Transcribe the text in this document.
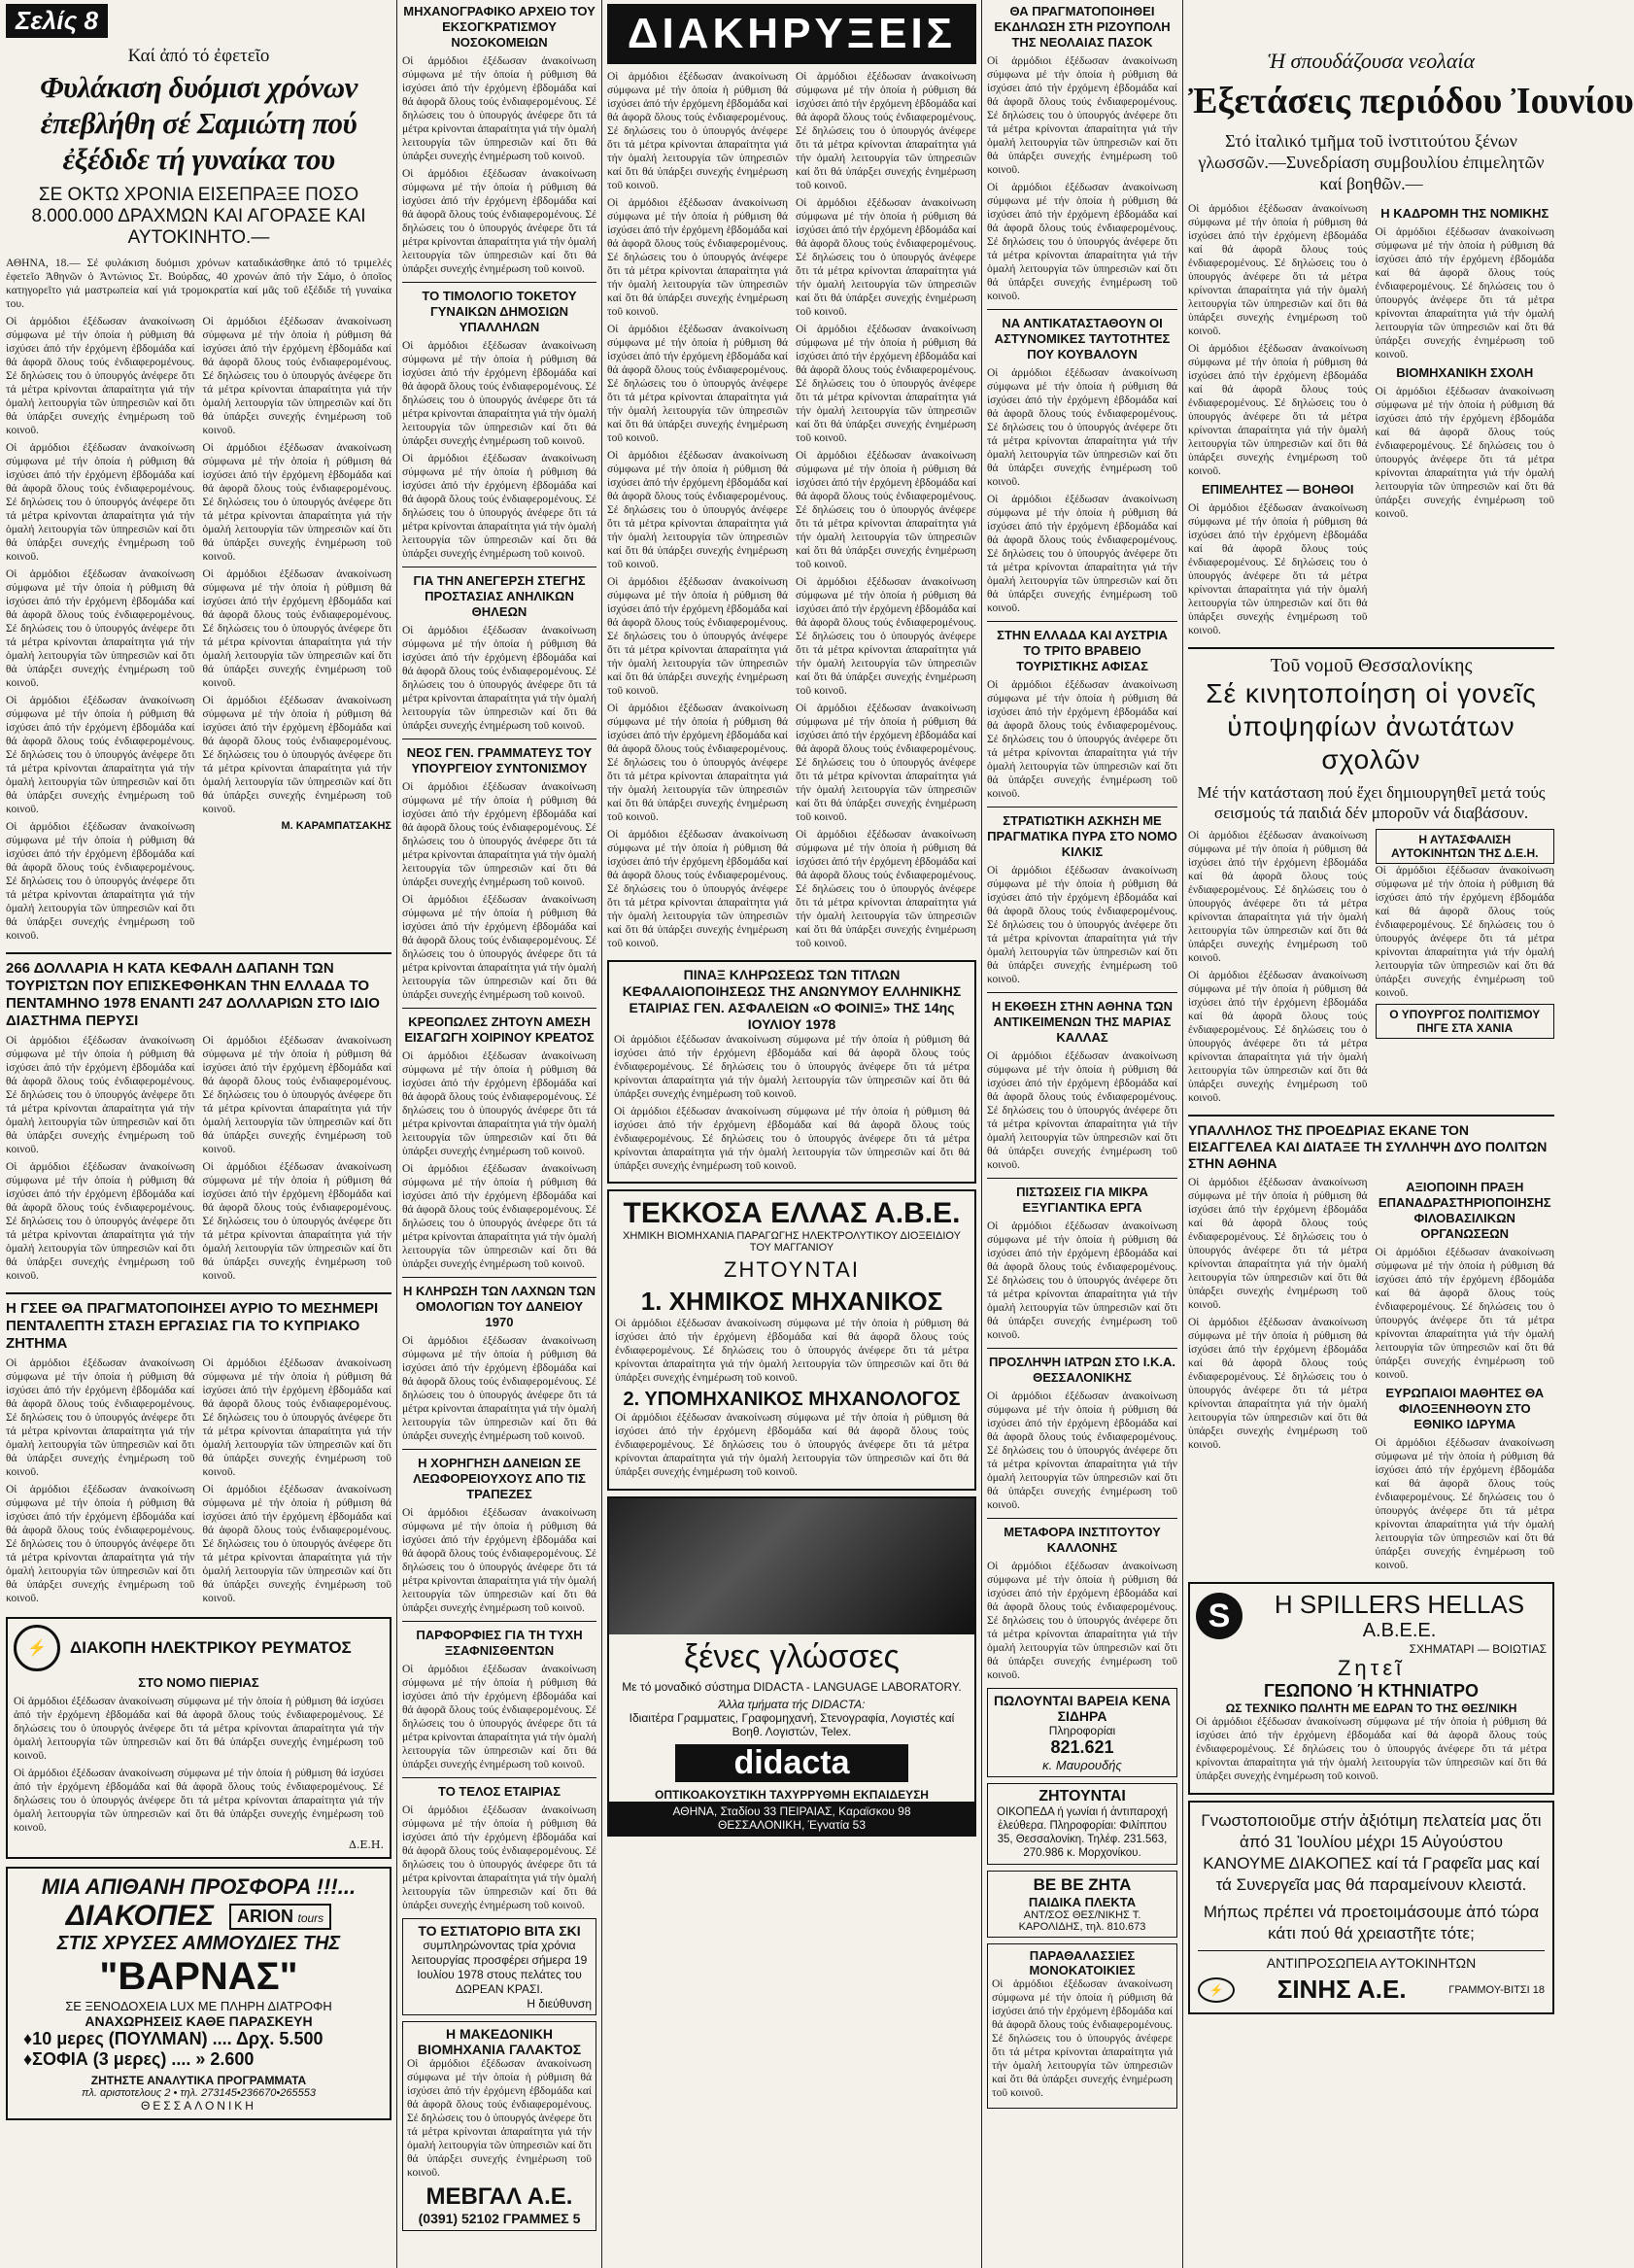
Σελίς 8
Καί ἀπό τό ἐφετεῖο
Φυλάκιση δυόμισι χρόνων ἐπεβλήθη σέ Σαμιώτη πού ἐξέδιδε τή γυναίκα του
ΣΕ ΟΚΤΩ ΧΡΟΝΙΑ ΕΙΣΕΠΡΑΞΕ ΠΟΣΟ 8.000.000 ΔΡΑΧΜΩΝ ΚΑΙ ΑΓΟΡΑΣΕ ΚΑΙ ΑΥΤΟΚΙΝΗΤΟ.—

ΑΘΗΝΑ, 18.— Σέ φυλάκιση δυόμισι χρόνων καταδικάσθηκε ἀπό τό τριμελές ἐφετεῖο Ἀθηνῶν ὁ Ἀντώνιος Στ. Βούρδας, 40 χρονών ἀπό τήν Σάμο, ὁ ὁποῖος κατηγορεῖτο γιά μαστρωπεία καί γιά τρομοκρατία καί μᾶς τοῦ ἐξέδιδε τή γυναίκα του.

Οἱ ἀρμόδιοι ἐξέδωσαν ἀνακοίνωση σύμφωνα μέ τήν ὁποία ἡ ρύθμιση θά ἰσχύσει ἀπό τήν ἐρχόμενη ἑβδομάδα καί θά ἀφορᾶ ὅλους τούς ἐνδιαφερομένους. Σέ δηλώσεις του ὁ ὑπουργός ἀνέφερε ὅτι τά μέτρα κρίνονται ἀπαραίτητα γιά τήν ὁμαλή λειτουργία τῶν ὑπηρεσιῶν καί ὅτι θά ὑπάρξει συνεχής ἐνημέρωση τοῦ κοινοῦ.

Οἱ ἀρμόδιοι ἐξέδωσαν ἀνακοίνωση σύμφωνα μέ τήν ὁποία ἡ ρύθμιση θά ἰσχύσει ἀπό τήν ἐρχόμενη ἑβδομάδα καί θά ἀφορᾶ ὅλους τούς ἐνδιαφερομένους. Σέ δηλώσεις του ὁ ὑπουργός ἀνέφερε ὅτι τά μέτρα κρίνονται ἀπαραίτητα γιά τήν ὁμαλή λειτουργία τῶν ὑπηρεσιῶν καί ὅτι θά ὑπάρξει συνεχής ἐνημέρωση τοῦ κοινοῦ.

Οἱ ἀρμόδιοι ἐξέδωσαν ἀνακοίνωση σύμφωνα μέ τήν ὁποία ἡ ρύθμιση θά ἰσχύσει ἀπό τήν ἐρχόμενη ἑβδομάδα καί θά ἀφορᾶ ὅλους τούς ἐνδιαφερομένους. Σέ δηλώσεις του ὁ ὑπουργός ἀνέφερε ὅτι τά μέτρα κρίνονται ἀπαραίτητα γιά τήν ὁμαλή λειτουργία τῶν ὑπηρεσιῶν καί ὅτι θά ὑπάρξει συνεχής ἐνημέρωση τοῦ κοινοῦ.

Οἱ ἀρμόδιοι ἐξέδωσαν ἀνακοίνωση σύμφωνα μέ τήν ὁποία ἡ ρύθμιση θά ἰσχύσει ἀπό τήν ἐρχόμενη ἑβδομάδα καί θά ἀφορᾶ ὅλους τούς ἐνδιαφερομένους. Σέ δηλώσεις του ὁ ὑπουργός ἀνέφερε ὅτι τά μέτρα κρίνονται ἀπαραίτητα γιά τήν ὁμαλή λειτουργία τῶν ὑπηρεσιῶν καί ὅτι θά ὑπάρξει συνεχής ἐνημέρωση τοῦ κοινοῦ.

Οἱ ἀρμόδιοι ἐξέδωσαν ἀνακοίνωση σύμφωνα μέ τήν ὁποία ἡ ρύθμιση θά ἰσχύσει ἀπό τήν ἐρχόμενη ἑβδομάδα καί θά ἀφορᾶ ὅλους τούς ἐνδιαφερομένους. Σέ δηλώσεις του ὁ ὑπουργός ἀνέφερε ὅτι τά μέτρα κρίνονται ἀπαραίτητα γιά τήν ὁμαλή λειτουργία τῶν ὑπηρεσιῶν καί ὅτι θά ὑπάρξει συνεχής ἐνημέρωση τοῦ κοινοῦ.

Οἱ ἀρμόδιοι ἐξέδωσαν ἀνακοίνωση σύμφωνα μέ τήν ὁποία ἡ ρύθμιση θά ἰσχύσει ἀπό τήν ἐρχόμενη ἑβδομάδα καί θά ἀφορᾶ ὅλους τούς ἐνδιαφερομένους. Σέ δηλώσεις του ὁ ὑπουργός ἀνέφερε ὅτι τά μέτρα κρίνονται ἀπαραίτητα γιά τήν ὁμαλή λειτουργία τῶν ὑπηρεσιῶν καί ὅτι θά ὑπάρξει συνεχής ἐνημέρωση τοῦ κοινοῦ.

Οἱ ἀρμόδιοι ἐξέδωσαν ἀνακοίνωση σύμφωνα μέ τήν ὁποία ἡ ρύθμιση θά ἰσχύσει ἀπό τήν ἐρχόμενη ἑβδομάδα καί θά ἀφορᾶ ὅλους τούς ἐνδιαφερομένους. Σέ δηλώσεις του ὁ ὑπουργός ἀνέφερε ὅτι τά μέτρα κρίνονται ἀπαραίτητα γιά τήν ὁμαλή λειτουργία τῶν ὑπηρεσιῶν καί ὅτι θά ὑπάρξει συνεχής ἐνημέρωση τοῦ κοινοῦ.

Οἱ ἀρμόδιοι ἐξέδωσαν ἀνακοίνωση σύμφωνα μέ τήν ὁποία ἡ ρύθμιση θά ἰσχύσει ἀπό τήν ἐρχόμενη ἑβδομάδα καί θά ἀφορᾶ ὅλους τούς ἐνδιαφερομένους. Σέ δηλώσεις του ὁ ὑπουργός ἀνέφερε ὅτι τά μέτρα κρίνονται ἀπαραίτητα γιά τήν ὁμαλή λειτουργία τῶν ὑπηρεσιῶν καί ὅτι θά ὑπάρξει συνεχής ἐνημέρωση τοῦ κοινοῦ.

Οἱ ἀρμόδιοι ἐξέδωσαν ἀνακοίνωση σύμφωνα μέ τήν ὁποία ἡ ρύθμιση θά ἰσχύσει ἀπό τήν ἐρχόμενη ἑβδομάδα καί θά ἀφορᾶ ὅλους τούς ἐνδιαφερομένους. Σέ δηλώσεις του ὁ ὑπουργός ἀνέφερε ὅτι τά μέτρα κρίνονται ἀπαραίτητα γιά τήν ὁμαλή λειτουργία τῶν ὑπηρεσιῶν καί ὅτι θά ὑπάρξει συνεχής ἐνημέρωση τοῦ κοινοῦ.

Μ. ΚΑΡΑΜΠΑΤΣΑΚΗΣ
266 ΔΟΛΛΑΡΙΑ Η ΚΑΤΑ ΚΕΦΑΛΗ ΔΑΠΑΝΗ ΤΩΝ ΤΟΥΡΙΣΤΩΝ ΠΟΥ ΕΠΙΣΚΕΦΘΗΚΑΝ ΤΗΝ ΕΛΛΑΔΑ ΤΟ ΠΕΝΤΑΜΗΝΟ 1978 ΕΝΑΝΤΙ 247 ΔΟΛΛΑΡΙΩΝ ΣΤΟ ΙΔΙΟ ΔΙΑΣΤΗΜΑ ΠΕΡΥΣΙ

Οἱ ἀρμόδιοι ἐξέδωσαν ἀνακοίνωση σύμφωνα μέ τήν ὁποία ἡ ρύθμιση θά ἰσχύσει ἀπό τήν ἐρχόμενη ἑβδομάδα καί θά ἀφορᾶ ὅλους τούς ἐνδιαφερομένους. Σέ δηλώσεις του ὁ ὑπουργός ἀνέφερε ὅτι τά μέτρα κρίνονται ἀπαραίτητα γιά τήν ὁμαλή λειτουργία τῶν ὑπηρεσιῶν καί ὅτι θά ὑπάρξει συνεχής ἐνημέρωση τοῦ κοινοῦ.

Οἱ ἀρμόδιοι ἐξέδωσαν ἀνακοίνωση σύμφωνα μέ τήν ὁποία ἡ ρύθμιση θά ἰσχύσει ἀπό τήν ἐρχόμενη ἑβδομάδα καί θά ἀφορᾶ ὅλους τούς ἐνδιαφερομένους. Σέ δηλώσεις του ὁ ὑπουργός ἀνέφερε ὅτι τά μέτρα κρίνονται ἀπαραίτητα γιά τήν ὁμαλή λειτουργία τῶν ὑπηρεσιῶν καί ὅτι θά ὑπάρξει συνεχής ἐνημέρωση τοῦ κοινοῦ.

Οἱ ἀρμόδιοι ἐξέδωσαν ἀνακοίνωση σύμφωνα μέ τήν ὁποία ἡ ρύθμιση θά ἰσχύσει ἀπό τήν ἐρχόμενη ἑβδομάδα καί θά ἀφορᾶ ὅλους τούς ἐνδιαφερομένους. Σέ δηλώσεις του ὁ ὑπουργός ἀνέφερε ὅτι τά μέτρα κρίνονται ἀπαραίτητα γιά τήν ὁμαλή λειτουργία τῶν ὑπηρεσιῶν καί ὅτι θά ὑπάρξει συνεχής ἐνημέρωση τοῦ κοινοῦ.

Οἱ ἀρμόδιοι ἐξέδωσαν ἀνακοίνωση σύμφωνα μέ τήν ὁποία ἡ ρύθμιση θά ἰσχύσει ἀπό τήν ἐρχόμενη ἑβδομάδα καί θά ἀφορᾶ ὅλους τούς ἐνδιαφερομένους. Σέ δηλώσεις του ὁ ὑπουργός ἀνέφερε ὅτι τά μέτρα κρίνονται ἀπαραίτητα γιά τήν ὁμαλή λειτουργία τῶν ὑπηρεσιῶν καί ὅτι θά ὑπάρξει συνεχής ἐνημέρωση τοῦ κοινοῦ.

Η ΓΣΕΕ ΘΑ ΠΡΑΓΜΑΤΟΠΟΙΗΣΕΙ ΑΥΡΙΟ ΤΟ ΜΕΣΗΜΕΡΙ ΠΕΝΤΑΛΕΠΤΗ ΣΤΑΣΗ ΕΡΓΑΣΙΑΣ ΓΙΑ ΤΟ ΚΥΠΡΙΑΚΟ ΖΗΤΗΜΑ

Οἱ ἀρμόδιοι ἐξέδωσαν ἀνακοίνωση σύμφωνα μέ τήν ὁποία ἡ ρύθμιση θά ἰσχύσει ἀπό τήν ἐρχόμενη ἑβδομάδα καί θά ἀφορᾶ ὅλους τούς ἐνδιαφερομένους. Σέ δηλώσεις του ὁ ὑπουργός ἀνέφερε ὅτι τά μέτρα κρίνονται ἀπαραίτητα γιά τήν ὁμαλή λειτουργία τῶν ὑπηρεσιῶν καί ὅτι θά ὑπάρξει συνεχής ἐνημέρωση τοῦ κοινοῦ.

Οἱ ἀρμόδιοι ἐξέδωσαν ἀνακοίνωση σύμφωνα μέ τήν ὁποία ἡ ρύθμιση θά ἰσχύσει ἀπό τήν ἐρχόμενη ἑβδομάδα καί θά ἀφορᾶ ὅλους τούς ἐνδιαφερομένους. Σέ δηλώσεις του ὁ ὑπουργός ἀνέφερε ὅτι τά μέτρα κρίνονται ἀπαραίτητα γιά τήν ὁμαλή λειτουργία τῶν ὑπηρεσιῶν καί ὅτι θά ὑπάρξει συνεχής ἐνημέρωση τοῦ κοινοῦ.

Οἱ ἀρμόδιοι ἐξέδωσαν ἀνακοίνωση σύμφωνα μέ τήν ὁποία ἡ ρύθμιση θά ἰσχύσει ἀπό τήν ἐρχόμενη ἑβδομάδα καί θά ἀφορᾶ ὅλους τούς ἐνδιαφερομένους. Σέ δηλώσεις του ὁ ὑπουργός ἀνέφερε ὅτι τά μέτρα κρίνονται ἀπαραίτητα γιά τήν ὁμαλή λειτουργία τῶν ὑπηρεσιῶν καί ὅτι θά ὑπάρξει συνεχής ἐνημέρωση τοῦ κοινοῦ.

Οἱ ἀρμόδιοι ἐξέδωσαν ἀνακοίνωση σύμφωνα μέ τήν ὁποία ἡ ρύθμιση θά ἰσχύσει ἀπό τήν ἐρχόμενη ἑβδομάδα καί θά ἀφορᾶ ὅλους τούς ἐνδιαφερομένους. Σέ δηλώσεις του ὁ ὑπουργός ἀνέφερε ὅτι τά μέτρα κρίνονται ἀπαραίτητα γιά τήν ὁμαλή λειτουργία τῶν ὑπηρεσιῶν καί ὅτι θά ὑπάρξει συνεχής ἐνημέρωση τοῦ κοινοῦ.

⚡	ΔΙΑΚΟΠΗ ΗΛΕΚΤΡΙΚΟΥ ΡΕΥΜΑΤΟΣ
ΣΤΟ ΝΟΜΟ ΠΙΕΡΙΑΣ

Οἱ ἀρμόδιοι ἐξέδωσαν ἀνακοίνωση σύμφωνα μέ τήν ὁποία ἡ ρύθμιση θά ἰσχύσει ἀπό τήν ἐρχόμενη ἑβδομάδα καί θά ἀφορᾶ ὅλους τούς ἐνδιαφερομένους. Σέ δηλώσεις του ὁ ὑπουργός ἀνέφερε ὅτι τά μέτρα κρίνονται ἀπαραίτητα γιά τήν ὁμαλή λειτουργία τῶν ὑπηρεσιῶν καί ὅτι θά ὑπάρξει συνεχής ἐνημέρωση τοῦ κοινοῦ.

Οἱ ἀρμόδιοι ἐξέδωσαν ἀνακοίνωση σύμφωνα μέ τήν ὁποία ἡ ρύθμιση θά ἰσχύσει ἀπό τήν ἐρχόμενη ἑβδομάδα καί θά ἀφορᾶ ὅλους τούς ἐνδιαφερομένους. Σέ δηλώσεις του ὁ ὑπουργός ἀνέφερε ὅτι τά μέτρα κρίνονται ἀπαραίτητα γιά τήν ὁμαλή λειτουργία τῶν ὑπηρεσιῶν καί ὅτι θά ὑπάρξει συνεχής ἐνημέρωση τοῦ κοινοῦ.

Δ.Ε.Η.
ΜΙΑ ΑΠΙΘΑΝΗ ΠΡΟΣΦΟΡΑ !!!...
ΔΙΑΚΟΠΕΣ	ARION tours
ΣΤΙΣ ΧΡΥΣΕΣ ΑΜΜΟΥΔΙΕΣ ΤΗΣ
"ΒΑΡΝΑΣ"
ΣΕ ΞΕΝΟΔΟΧΕΙΑ LUX ΜΕ ΠΛΗΡΗ ΔΙΑΤΡΟΦΗ
ΑΝΑΧΩΡΗΣΕΙΣ ΚΑΘΕ ΠΑΡΑΣΚΕΥΗ
♦10 μερες (ΠΟΥΛΜΑΝ) .... Δρχ. 5.500
♦ΣΟΦΙΑ (3 μερες) .... » 2.600
ΖΗΤΗΣΤΕ ΑΝΑΛΥΤΙΚΑ ΠΡΟΓΡΑΜΜΑΤΑ
πλ. αριστοτελους 2 • τηλ. 273145•236670•265553
ΘΕΣΣΑΛΟΝΙΚΗ
ΜΗΧΑΝΟΓΡΑΦΙΚΟ ΑΡΧΕΙΟ ΤΟΥ ΕΚΣΟΓΚΡΑΤΙΣΜΟΥ ΝΟΣΟΚΟΜΕΙΩΝ

Οἱ ἀρμόδιοι ἐξέδωσαν ἀνακοίνωση σύμφωνα μέ τήν ὁποία ἡ ρύθμιση θά ἰσχύσει ἀπό τήν ἐρχόμενη ἑβδομάδα καί θά ἀφορᾶ ὅλους τούς ἐνδιαφερομένους. Σέ δηλώσεις του ὁ ὑπουργός ἀνέφερε ὅτι τά μέτρα κρίνονται ἀπαραίτητα γιά τήν ὁμαλή λειτουργία τῶν ὑπηρεσιῶν καί ὅτι θά ὑπάρξει συνεχής ἐνημέρωση τοῦ κοινοῦ.

Οἱ ἀρμόδιοι ἐξέδωσαν ἀνακοίνωση σύμφωνα μέ τήν ὁποία ἡ ρύθμιση θά ἰσχύσει ἀπό τήν ἐρχόμενη ἑβδομάδα καί θά ἀφορᾶ ὅλους τούς ἐνδιαφερομένους. Σέ δηλώσεις του ὁ ὑπουργός ἀνέφερε ὅτι τά μέτρα κρίνονται ἀπαραίτητα γιά τήν ὁμαλή λειτουργία τῶν ὑπηρεσιῶν καί ὅτι θά ὑπάρξει συνεχής ἐνημέρωση τοῦ κοινοῦ.

ΤΟ ΤΙΜΟΛΟΓΙΟ ΤΟΚΕΤΟΥ ΓΥΝΑΙΚΩΝ ΔΗΜΟΣΙΩΝ ΥΠΑΛΛΗΛΩΝ

Οἱ ἀρμόδιοι ἐξέδωσαν ἀνακοίνωση σύμφωνα μέ τήν ὁποία ἡ ρύθμιση θά ἰσχύσει ἀπό τήν ἐρχόμενη ἑβδομάδα καί θά ἀφορᾶ ὅλους τούς ἐνδιαφερομένους. Σέ δηλώσεις του ὁ ὑπουργός ἀνέφερε ὅτι τά μέτρα κρίνονται ἀπαραίτητα γιά τήν ὁμαλή λειτουργία τῶν ὑπηρεσιῶν καί ὅτι θά ὑπάρξει συνεχής ἐνημέρωση τοῦ κοινοῦ.

Οἱ ἀρμόδιοι ἐξέδωσαν ἀνακοίνωση σύμφωνα μέ τήν ὁποία ἡ ρύθμιση θά ἰσχύσει ἀπό τήν ἐρχόμενη ἑβδομάδα καί θά ἀφορᾶ ὅλους τούς ἐνδιαφερομένους. Σέ δηλώσεις του ὁ ὑπουργός ἀνέφερε ὅτι τά μέτρα κρίνονται ἀπαραίτητα γιά τήν ὁμαλή λειτουργία τῶν ὑπηρεσιῶν καί ὅτι θά ὑπάρξει συνεχής ἐνημέρωση τοῦ κοινοῦ.

ΓΙΑ ΤΗΝ ΑΝΕΓΕΡΣΗ ΣΤΕΓΗΣ ΠΡΟΣΤΑΣΙΑΣ ΑΝΗΛΙΚΩΝ ΘΗΛΕΩΝ

Οἱ ἀρμόδιοι ἐξέδωσαν ἀνακοίνωση σύμφωνα μέ τήν ὁποία ἡ ρύθμιση θά ἰσχύσει ἀπό τήν ἐρχόμενη ἑβδομάδα καί θά ἀφορᾶ ὅλους τούς ἐνδιαφερομένους. Σέ δηλώσεις του ὁ ὑπουργός ἀνέφερε ὅτι τά μέτρα κρίνονται ἀπαραίτητα γιά τήν ὁμαλή λειτουργία τῶν ὑπηρεσιῶν καί ὅτι θά ὑπάρξει συνεχής ἐνημέρωση τοῦ κοινοῦ.

ΝΕΟΣ ΓΕΝ. ΓΡΑΜΜΑΤΕΥΣ ΤΟΥ ΥΠΟΥΡΓΕΙΟΥ ΣΥΝΤΟΝΙΣΜΟΥ

Οἱ ἀρμόδιοι ἐξέδωσαν ἀνακοίνωση σύμφωνα μέ τήν ὁποία ἡ ρύθμιση θά ἰσχύσει ἀπό τήν ἐρχόμενη ἑβδομάδα καί θά ἀφορᾶ ὅλους τούς ἐνδιαφερομένους. Σέ δηλώσεις του ὁ ὑπουργός ἀνέφερε ὅτι τά μέτρα κρίνονται ἀπαραίτητα γιά τήν ὁμαλή λειτουργία τῶν ὑπηρεσιῶν καί ὅτι θά ὑπάρξει συνεχής ἐνημέρωση τοῦ κοινοῦ.

Οἱ ἀρμόδιοι ἐξέδωσαν ἀνακοίνωση σύμφωνα μέ τήν ὁποία ἡ ρύθμιση θά ἰσχύσει ἀπό τήν ἐρχόμενη ἑβδομάδα καί θά ἀφορᾶ ὅλους τούς ἐνδιαφερομένους. Σέ δηλώσεις του ὁ ὑπουργός ἀνέφερε ὅτι τά μέτρα κρίνονται ἀπαραίτητα γιά τήν ὁμαλή λειτουργία τῶν ὑπηρεσιῶν καί ὅτι θά ὑπάρξει συνεχής ἐνημέρωση τοῦ κοινοῦ.

ΚΡΕΟΠΩΛΕΣ ΖΗΤΟΥΝ ΑΜΕΣΗ ΕΙΣΑΓΩΓΗ ΧΟΙΡΙΝΟΥ ΚΡΕΑΤΟΣ

Οἱ ἀρμόδιοι ἐξέδωσαν ἀνακοίνωση σύμφωνα μέ τήν ὁποία ἡ ρύθμιση θά ἰσχύσει ἀπό τήν ἐρχόμενη ἑβδομάδα καί θά ἀφορᾶ ὅλους τούς ἐνδιαφερομένους. Σέ δηλώσεις του ὁ ὑπουργός ἀνέφερε ὅτι τά μέτρα κρίνονται ἀπαραίτητα γιά τήν ὁμαλή λειτουργία τῶν ὑπηρεσιῶν καί ὅτι θά ὑπάρξει συνεχής ἐνημέρωση τοῦ κοινοῦ.

Οἱ ἀρμόδιοι ἐξέδωσαν ἀνακοίνωση σύμφωνα μέ τήν ὁποία ἡ ρύθμιση θά ἰσχύσει ἀπό τήν ἐρχόμενη ἑβδομάδα καί θά ἀφορᾶ ὅλους τούς ἐνδιαφερομένους. Σέ δηλώσεις του ὁ ὑπουργός ἀνέφερε ὅτι τά μέτρα κρίνονται ἀπαραίτητα γιά τήν ὁμαλή λειτουργία τῶν ὑπηρεσιῶν καί ὅτι θά ὑπάρξει συνεχής ἐνημέρωση τοῦ κοινοῦ.

Η ΚΛΗΡΩΣΗ ΤΩΝ ΛΑΧΝΩΝ ΤΩΝ ΟΜΟΛΟΓΙΩΝ ΤΟΥ ΔΑΝΕΙΟΥ 1970

Οἱ ἀρμόδιοι ἐξέδωσαν ἀνακοίνωση σύμφωνα μέ τήν ὁποία ἡ ρύθμιση θά ἰσχύσει ἀπό τήν ἐρχόμενη ἑβδομάδα καί θά ἀφορᾶ ὅλους τούς ἐνδιαφερομένους. Σέ δηλώσεις του ὁ ὑπουργός ἀνέφερε ὅτι τά μέτρα κρίνονται ἀπαραίτητα γιά τήν ὁμαλή λειτουργία τῶν ὑπηρεσιῶν καί ὅτι θά ὑπάρξει συνεχής ἐνημέρωση τοῦ κοινοῦ.

Η ΧΟΡΗΓΗΣΗ ΔΑΝΕΙΩΝ ΣΕ ΛΕΩΦΟΡΕΙΟΥΧΟΥΣ ΑΠΟ ΤΙΣ ΤΡΑΠΕΖΕΣ

Οἱ ἀρμόδιοι ἐξέδωσαν ἀνακοίνωση σύμφωνα μέ τήν ὁποία ἡ ρύθμιση θά ἰσχύσει ἀπό τήν ἐρχόμενη ἑβδομάδα καί θά ἀφορᾶ ὅλους τούς ἐνδιαφερομένους. Σέ δηλώσεις του ὁ ὑπουργός ἀνέφερε ὅτι τά μέτρα κρίνονται ἀπαραίτητα γιά τήν ὁμαλή λειτουργία τῶν ὑπηρεσιῶν καί ὅτι θά ὑπάρξει συνεχής ἐνημέρωση τοῦ κοινοῦ.

ΠΑΡΦΟΡΦΙΕΣ ΓΙΑ ΤΗ ΤΥΧΗ ΞΣΑΦΝΙΣΘΕΝΤΩΝ

Οἱ ἀρμόδιοι ἐξέδωσαν ἀνακοίνωση σύμφωνα μέ τήν ὁποία ἡ ρύθμιση θά ἰσχύσει ἀπό τήν ἐρχόμενη ἑβδομάδα καί θά ἀφορᾶ ὅλους τούς ἐνδιαφερομένους. Σέ δηλώσεις του ὁ ὑπουργός ἀνέφερε ὅτι τά μέτρα κρίνονται ἀπαραίτητα γιά τήν ὁμαλή λειτουργία τῶν ὑπηρεσιῶν καί ὅτι θά ὑπάρξει συνεχής ἐνημέρωση τοῦ κοινοῦ.

ΤΟ ΤΕΛΟΣ ΕΤΑΙΡΙΑΣ

Οἱ ἀρμόδιοι ἐξέδωσαν ἀνακοίνωση σύμφωνα μέ τήν ὁποία ἡ ρύθμιση θά ἰσχύσει ἀπό τήν ἐρχόμενη ἑβδομάδα καί θά ἀφορᾶ ὅλους τούς ἐνδιαφερομένους. Σέ δηλώσεις του ὁ ὑπουργός ἀνέφερε ὅτι τά μέτρα κρίνονται ἀπαραίτητα γιά τήν ὁμαλή λειτουργία τῶν ὑπηρεσιῶν καί ὅτι θά ὑπάρξει συνεχής ἐνημέρωση τοῦ κοινοῦ.

ΤΟ ΕΣΤΙΑΤΟΡΙΟ ΒΙΤΑ ΣΚΙ
συμπληρώνοντας τρία χρόνια λειτουργίας προσφέρει σήμερα 19 Ιουλίου 1978 στους πελάτες του ΔΩΡΕΑΝ ΚΡΑΣΙ.
Η διεύθυνση
Η ΜΑΚΕΔΟΝΙΚΗ ΒΙΟΜΗΧΑΝΙΑ ΓΑΛΑΚΤΟΣ

Οἱ ἀρμόδιοι ἐξέδωσαν ἀνακοίνωση σύμφωνα μέ τήν ὁποία ἡ ρύθμιση θά ἰσχύσει ἀπό τήν ἐρχόμενη ἑβδομάδα καί θά ἀφορᾶ ὅλους τούς ἐνδιαφερομένους. Σέ δηλώσεις του ὁ ὑπουργός ἀνέφερε ὅτι τά μέτρα κρίνονται ἀπαραίτητα γιά τήν ὁμαλή λειτουργία τῶν ὑπηρεσιῶν καί ὅτι θά ὑπάρξει συνεχής ἐνημέρωση τοῦ κοινοῦ.

ΜΕΒΓΑΛ Α.Ε.
(0391) 52102 ΓΡΑΜΜΕΣ 5
ΔΙΑΚΗΡΥΞΕΙΣ

Οἱ ἀρμόδιοι ἐξέδωσαν ἀνακοίνωση σύμφωνα μέ τήν ὁποία ἡ ρύθμιση θά ἰσχύσει ἀπό τήν ἐρχόμενη ἑβδομάδα καί θά ἀφορᾶ ὅλους τούς ἐνδιαφερομένους. Σέ δηλώσεις του ὁ ὑπουργός ἀνέφερε ὅτι τά μέτρα κρίνονται ἀπαραίτητα γιά τήν ὁμαλή λειτουργία τῶν ὑπηρεσιῶν καί ὅτι θά ὑπάρξει συνεχής ἐνημέρωση τοῦ κοινοῦ.

Οἱ ἀρμόδιοι ἐξέδωσαν ἀνακοίνωση σύμφωνα μέ τήν ὁποία ἡ ρύθμιση θά ἰσχύσει ἀπό τήν ἐρχόμενη ἑβδομάδα καί θά ἀφορᾶ ὅλους τούς ἐνδιαφερομένους. Σέ δηλώσεις του ὁ ὑπουργός ἀνέφερε ὅτι τά μέτρα κρίνονται ἀπαραίτητα γιά τήν ὁμαλή λειτουργία τῶν ὑπηρεσιῶν καί ὅτι θά ὑπάρξει συνεχής ἐνημέρωση τοῦ κοινοῦ.

Οἱ ἀρμόδιοι ἐξέδωσαν ἀνακοίνωση σύμφωνα μέ τήν ὁποία ἡ ρύθμιση θά ἰσχύσει ἀπό τήν ἐρχόμενη ἑβδομάδα καί θά ἀφορᾶ ὅλους τούς ἐνδιαφερομένους. Σέ δηλώσεις του ὁ ὑπουργός ἀνέφερε ὅτι τά μέτρα κρίνονται ἀπαραίτητα γιά τήν ὁμαλή λειτουργία τῶν ὑπηρεσιῶν καί ὅτι θά ὑπάρξει συνεχής ἐνημέρωση τοῦ κοινοῦ.

Οἱ ἀρμόδιοι ἐξέδωσαν ἀνακοίνωση σύμφωνα μέ τήν ὁποία ἡ ρύθμιση θά ἰσχύσει ἀπό τήν ἐρχόμενη ἑβδομάδα καί θά ἀφορᾶ ὅλους τούς ἐνδιαφερομένους. Σέ δηλώσεις του ὁ ὑπουργός ἀνέφερε ὅτι τά μέτρα κρίνονται ἀπαραίτητα γιά τήν ὁμαλή λειτουργία τῶν ὑπηρεσιῶν καί ὅτι θά ὑπάρξει συνεχής ἐνημέρωση τοῦ κοινοῦ.

Οἱ ἀρμόδιοι ἐξέδωσαν ἀνακοίνωση σύμφωνα μέ τήν ὁποία ἡ ρύθμιση θά ἰσχύσει ἀπό τήν ἐρχόμενη ἑβδομάδα καί θά ἀφορᾶ ὅλους τούς ἐνδιαφερομένους. Σέ δηλώσεις του ὁ ὑπουργός ἀνέφερε ὅτι τά μέτρα κρίνονται ἀπαραίτητα γιά τήν ὁμαλή λειτουργία τῶν ὑπηρεσιῶν καί ὅτι θά ὑπάρξει συνεχής ἐνημέρωση τοῦ κοινοῦ.

Οἱ ἀρμόδιοι ἐξέδωσαν ἀνακοίνωση σύμφωνα μέ τήν ὁποία ἡ ρύθμιση θά ἰσχύσει ἀπό τήν ἐρχόμενη ἑβδομάδα καί θά ἀφορᾶ ὅλους τούς ἐνδιαφερομένους. Σέ δηλώσεις του ὁ ὑπουργός ἀνέφερε ὅτι τά μέτρα κρίνονται ἀπαραίτητα γιά τήν ὁμαλή λειτουργία τῶν ὑπηρεσιῶν καί ὅτι θά ὑπάρξει συνεχής ἐνημέρωση τοῦ κοινοῦ.

Οἱ ἀρμόδιοι ἐξέδωσαν ἀνακοίνωση σύμφωνα μέ τήν ὁποία ἡ ρύθμιση θά ἰσχύσει ἀπό τήν ἐρχόμενη ἑβδομάδα καί θά ἀφορᾶ ὅλους τούς ἐνδιαφερομένους. Σέ δηλώσεις του ὁ ὑπουργός ἀνέφερε ὅτι τά μέτρα κρίνονται ἀπαραίτητα γιά τήν ὁμαλή λειτουργία τῶν ὑπηρεσιῶν καί ὅτι θά ὑπάρξει συνεχής ἐνημέρωση τοῦ κοινοῦ.

Οἱ ἀρμόδιοι ἐξέδωσαν ἀνακοίνωση σύμφωνα μέ τήν ὁποία ἡ ρύθμιση θά ἰσχύσει ἀπό τήν ἐρχόμενη ἑβδομάδα καί θά ἀφορᾶ ὅλους τούς ἐνδιαφερομένους. Σέ δηλώσεις του ὁ ὑπουργός ἀνέφερε ὅτι τά μέτρα κρίνονται ἀπαραίτητα γιά τήν ὁμαλή λειτουργία τῶν ὑπηρεσιῶν καί ὅτι θά ὑπάρξει συνεχής ἐνημέρωση τοῦ κοινοῦ.

Οἱ ἀρμόδιοι ἐξέδωσαν ἀνακοίνωση σύμφωνα μέ τήν ὁποία ἡ ρύθμιση θά ἰσχύσει ἀπό τήν ἐρχόμενη ἑβδομάδα καί θά ἀφορᾶ ὅλους τούς ἐνδιαφερομένους. Σέ δηλώσεις του ὁ ὑπουργός ἀνέφερε ὅτι τά μέτρα κρίνονται ἀπαραίτητα γιά τήν ὁμαλή λειτουργία τῶν ὑπηρεσιῶν καί ὅτι θά ὑπάρξει συνεχής ἐνημέρωση τοῦ κοινοῦ.

Οἱ ἀρμόδιοι ἐξέδωσαν ἀνακοίνωση σύμφωνα μέ τήν ὁποία ἡ ρύθμιση θά ἰσχύσει ἀπό τήν ἐρχόμενη ἑβδομάδα καί θά ἀφορᾶ ὅλους τούς ἐνδιαφερομένους. Σέ δηλώσεις του ὁ ὑπουργός ἀνέφερε ὅτι τά μέτρα κρίνονται ἀπαραίτητα γιά τήν ὁμαλή λειτουργία τῶν ὑπηρεσιῶν καί ὅτι θά ὑπάρξει συνεχής ἐνημέρωση τοῦ κοινοῦ.

Οἱ ἀρμόδιοι ἐξέδωσαν ἀνακοίνωση σύμφωνα μέ τήν ὁποία ἡ ρύθμιση θά ἰσχύσει ἀπό τήν ἐρχόμενη ἑβδομάδα καί θά ἀφορᾶ ὅλους τούς ἐνδιαφερομένους. Σέ δηλώσεις του ὁ ὑπουργός ἀνέφερε ὅτι τά μέτρα κρίνονται ἀπαραίτητα γιά τήν ὁμαλή λειτουργία τῶν ὑπηρεσιῶν καί ὅτι θά ὑπάρξει συνεχής ἐνημέρωση τοῦ κοινοῦ.

Οἱ ἀρμόδιοι ἐξέδωσαν ἀνακοίνωση σύμφωνα μέ τήν ὁποία ἡ ρύθμιση θά ἰσχύσει ἀπό τήν ἐρχόμενη ἑβδομάδα καί θά ἀφορᾶ ὅλους τούς ἐνδιαφερομένους. Σέ δηλώσεις του ὁ ὑπουργός ἀνέφερε ὅτι τά μέτρα κρίνονται ἀπαραίτητα γιά τήν ὁμαλή λειτουργία τῶν ὑπηρεσιῶν καί ὅτι θά ὑπάρξει συνεχής ἐνημέρωση τοῦ κοινοῦ.

Οἱ ἀρμόδιοι ἐξέδωσαν ἀνακοίνωση σύμφωνα μέ τήν ὁποία ἡ ρύθμιση θά ἰσχύσει ἀπό τήν ἐρχόμενη ἑβδομάδα καί θά ἀφορᾶ ὅλους τούς ἐνδιαφερομένους. Σέ δηλώσεις του ὁ ὑπουργός ἀνέφερε ὅτι τά μέτρα κρίνονται ἀπαραίτητα γιά τήν ὁμαλή λειτουργία τῶν ὑπηρεσιῶν καί ὅτι θά ὑπάρξει συνεχής ἐνημέρωση τοῦ κοινοῦ.

Οἱ ἀρμόδιοι ἐξέδωσαν ἀνακοίνωση σύμφωνα μέ τήν ὁποία ἡ ρύθμιση θά ἰσχύσει ἀπό τήν ἐρχόμενη ἑβδομάδα καί θά ἀφορᾶ ὅλους τούς ἐνδιαφερομένους. Σέ δηλώσεις του ὁ ὑπουργός ἀνέφερε ὅτι τά μέτρα κρίνονται ἀπαραίτητα γιά τήν ὁμαλή λειτουργία τῶν ὑπηρεσιῶν καί ὅτι θά ὑπάρξει συνεχής ἐνημέρωση τοῦ κοινοῦ.

ΠΙΝΑΞ ΚΛΗΡΩΣΕΩΣ ΤΩΝ ΤΙΤΛΩΝ ΚΕΦΑΛΑΙΟΠΟΙΗΣΕΩΣ ΤΗΣ ΑΝΩΝΥΜΟΥ ΕΛΛΗΝΙΚΗΣ ΕΤΑΙΡΙΑΣ ΓΕΝ. ΑΣΦΑΛΕΙΩΝ «Ο ΦΟΙΝΙΞ» ΤΗΣ 14ης ΙΟΥΛΙΟΥ 1978

Οἱ ἀρμόδιοι ἐξέδωσαν ἀνακοίνωση σύμφωνα μέ τήν ὁποία ἡ ρύθμιση θά ἰσχύσει ἀπό τήν ἐρχόμενη ἑβδομάδα καί θά ἀφορᾶ ὅλους τούς ἐνδιαφερομένους. Σέ δηλώσεις του ὁ ὑπουργός ἀνέφερε ὅτι τά μέτρα κρίνονται ἀπαραίτητα γιά τήν ὁμαλή λειτουργία τῶν ὑπηρεσιῶν καί ὅτι θά ὑπάρξει συνεχής ἐνημέρωση τοῦ κοινοῦ.

Οἱ ἀρμόδιοι ἐξέδωσαν ἀνακοίνωση σύμφωνα μέ τήν ὁποία ἡ ρύθμιση θά ἰσχύσει ἀπό τήν ἐρχόμενη ἑβδομάδα καί θά ἀφορᾶ ὅλους τούς ἐνδιαφερομένους. Σέ δηλώσεις του ὁ ὑπουργός ἀνέφερε ὅτι τά μέτρα κρίνονται ἀπαραίτητα γιά τήν ὁμαλή λειτουργία τῶν ὑπηρεσιῶν καί ὅτι θά ὑπάρξει συνεχής ἐνημέρωση τοῦ κοινοῦ.

ΤΕΚΚΟΣΑ ΕΛΛΑΣ Α.Β.Ε.
ΧΗΜΙΚΗ ΒΙΟΜΗΧΑΝΙΑ ΠΑΡΑΓΩΓΗΣ ΗΛΕΚΤΡΟΛΥΤΙΚΟΥ ΔΙΟΞΕΙΔΙΟΥ ΤΟΥ ΜΑΓΓΑΝΙΟΥ
ΖΗΤΟΥΝΤΑΙ
1. ΧΗΜΙΚΟΣ ΜΗΧΑΝΙΚΟΣ

Οἱ ἀρμόδιοι ἐξέδωσαν ἀνακοίνωση σύμφωνα μέ τήν ὁποία ἡ ρύθμιση θά ἰσχύσει ἀπό τήν ἐρχόμενη ἑβδομάδα καί θά ἀφορᾶ ὅλους τούς ἐνδιαφερομένους. Σέ δηλώσεις του ὁ ὑπουργός ἀνέφερε ὅτι τά μέτρα κρίνονται ἀπαραίτητα γιά τήν ὁμαλή λειτουργία τῶν ὑπηρεσιῶν καί ὅτι θά ὑπάρξει συνεχής ἐνημέρωση τοῦ κοινοῦ.

2. ΥΠΟΜΗΧΑΝΙΚΟΣ ΜΗΧΑΝΟΛΟΓΟΣ

Οἱ ἀρμόδιοι ἐξέδωσαν ἀνακοίνωση σύμφωνα μέ τήν ὁποία ἡ ρύθμιση θά ἰσχύσει ἀπό τήν ἐρχόμενη ἑβδομάδα καί θά ἀφορᾶ ὅλους τούς ἐνδιαφερομένους. Σέ δηλώσεις του ὁ ὑπουργός ἀνέφερε ὅτι τά μέτρα κρίνονται ἀπαραίτητα γιά τήν ὁμαλή λειτουργία τῶν ὑπηρεσιῶν καί ὅτι θά ὑπάρξει συνεχής ἐνημέρωση τοῦ κοινοῦ.

ξένες γλώσσες
Με τό μοναδικό σύστημα DIDACTA - LANGUAGE LABORATORY.
Άλλα τμήματα τής DIDACTA:
Ιδιαιτέρα Γραμματεις, Γραφομηχανή, Στενογραφία, Λογιστές καί Βοηθ. Λογιστών, Telex.
didacta
ΟΠΤΙΚΟΑΚΟΥΣΤΙΚΗ ΤΑΧΥΡΡΥΘΜΗ ΕΚΠΑΙΔΕΥΣΗ
ΑΘΗΝΑ, Σταδίου 33 ΠΕΙΡΑΙΑΣ, Καραϊσκου 98
ΘΕΣΣΑΛΟΝΙΚΗ, Έγνατία 53
ΘΑ ΠΡΑΓΜΑΤΟΠΟΙΗΘΕΙ ΕΚΔΗΛΩΣΗ ΣΤΗ ΡΙΖΟΥΠΟΛΗ ΤΗΣ ΝΕΟΛΑΙΑΣ ΠΑΣΟΚ

Οἱ ἀρμόδιοι ἐξέδωσαν ἀνακοίνωση σύμφωνα μέ τήν ὁποία ἡ ρύθμιση θά ἰσχύσει ἀπό τήν ἐρχόμενη ἑβδομάδα καί θά ἀφορᾶ ὅλους τούς ἐνδιαφερομένους. Σέ δηλώσεις του ὁ ὑπουργός ἀνέφερε ὅτι τά μέτρα κρίνονται ἀπαραίτητα γιά τήν ὁμαλή λειτουργία τῶν ὑπηρεσιῶν καί ὅτι θά ὑπάρξει συνεχής ἐνημέρωση τοῦ κοινοῦ.

Οἱ ἀρμόδιοι ἐξέδωσαν ἀνακοίνωση σύμφωνα μέ τήν ὁποία ἡ ρύθμιση θά ἰσχύσει ἀπό τήν ἐρχόμενη ἑβδομάδα καί θά ἀφορᾶ ὅλους τούς ἐνδιαφερομένους. Σέ δηλώσεις του ὁ ὑπουργός ἀνέφερε ὅτι τά μέτρα κρίνονται ἀπαραίτητα γιά τήν ὁμαλή λειτουργία τῶν ὑπηρεσιῶν καί ὅτι θά ὑπάρξει συνεχής ἐνημέρωση τοῦ κοινοῦ.

ΝΑ ΑΝΤΙΚΑΤΑΣΤΑΘΟΥΝ ΟΙ ΑΣΤΥΝΟΜΙΚΕΣ ΤΑΥΤΟΤΗΤΕΣ ΠΟΥ ΚΟΥΒΑΛΟΥΝ

Οἱ ἀρμόδιοι ἐξέδωσαν ἀνακοίνωση σύμφωνα μέ τήν ὁποία ἡ ρύθμιση θά ἰσχύσει ἀπό τήν ἐρχόμενη ἑβδομάδα καί θά ἀφορᾶ ὅλους τούς ἐνδιαφερομένους. Σέ δηλώσεις του ὁ ὑπουργός ἀνέφερε ὅτι τά μέτρα κρίνονται ἀπαραίτητα γιά τήν ὁμαλή λειτουργία τῶν ὑπηρεσιῶν καί ὅτι θά ὑπάρξει συνεχής ἐνημέρωση τοῦ κοινοῦ.

Οἱ ἀρμόδιοι ἐξέδωσαν ἀνακοίνωση σύμφωνα μέ τήν ὁποία ἡ ρύθμιση θά ἰσχύσει ἀπό τήν ἐρχόμενη ἑβδομάδα καί θά ἀφορᾶ ὅλους τούς ἐνδιαφερομένους. Σέ δηλώσεις του ὁ ὑπουργός ἀνέφερε ὅτι τά μέτρα κρίνονται ἀπαραίτητα γιά τήν ὁμαλή λειτουργία τῶν ὑπηρεσιῶν καί ὅτι θά ὑπάρξει συνεχής ἐνημέρωση τοῦ κοινοῦ.

ΣΤΗΝ ΕΛΛΑΔΑ ΚΑΙ ΑΥΣΤΡΙΑ ΤΟ ΤΡΙΤΟ ΒΡΑΒΕΙΟ ΤΟΥΡΙΣΤΙΚΗΣ ΑΦΙΣΑΣ

Οἱ ἀρμόδιοι ἐξέδωσαν ἀνακοίνωση σύμφωνα μέ τήν ὁποία ἡ ρύθμιση θά ἰσχύσει ἀπό τήν ἐρχόμενη ἑβδομάδα καί θά ἀφορᾶ ὅλους τούς ἐνδιαφερομένους. Σέ δηλώσεις του ὁ ὑπουργός ἀνέφερε ὅτι τά μέτρα κρίνονται ἀπαραίτητα γιά τήν ὁμαλή λειτουργία τῶν ὑπηρεσιῶν καί ὅτι θά ὑπάρξει συνεχής ἐνημέρωση τοῦ κοινοῦ.

ΣΤΡΑΤΙΩΤΙΚΗ ΑΣΚΗΣΗ ΜΕ ΠΡΑΓΜΑΤΙΚΑ ΠΥΡΑ ΣΤΟ ΝΟΜΟ ΚΙΛΚΙΣ

Οἱ ἀρμόδιοι ἐξέδωσαν ἀνακοίνωση σύμφωνα μέ τήν ὁποία ἡ ρύθμιση θά ἰσχύσει ἀπό τήν ἐρχόμενη ἑβδομάδα καί θά ἀφορᾶ ὅλους τούς ἐνδιαφερομένους. Σέ δηλώσεις του ὁ ὑπουργός ἀνέφερε ὅτι τά μέτρα κρίνονται ἀπαραίτητα γιά τήν ὁμαλή λειτουργία τῶν ὑπηρεσιῶν καί ὅτι θά ὑπάρξει συνεχής ἐνημέρωση τοῦ κοινοῦ.

Η ΕΚΘΕΣΗ ΣΤΗΝ ΑΘΗΝΑ ΤΩΝ ΑΝΤΙΚΕΙΜΕΝΩΝ ΤΗΣ ΜΑΡΙΑΣ ΚΑΛΛΑΣ

Οἱ ἀρμόδιοι ἐξέδωσαν ἀνακοίνωση σύμφωνα μέ τήν ὁποία ἡ ρύθμιση θά ἰσχύσει ἀπό τήν ἐρχόμενη ἑβδομάδα καί θά ἀφορᾶ ὅλους τούς ἐνδιαφερομένους. Σέ δηλώσεις του ὁ ὑπουργός ἀνέφερε ὅτι τά μέτρα κρίνονται ἀπαραίτητα γιά τήν ὁμαλή λειτουργία τῶν ὑπηρεσιῶν καί ὅτι θά ὑπάρξει συνεχής ἐνημέρωση τοῦ κοινοῦ.

ΠΙΣΤΩΣΕΙΣ ΓΙΑ ΜΙΚΡΑ ΕΞΥΓΙΑΝΤΙΚΑ ΕΡΓΑ

Οἱ ἀρμόδιοι ἐξέδωσαν ἀνακοίνωση σύμφωνα μέ τήν ὁποία ἡ ρύθμιση θά ἰσχύσει ἀπό τήν ἐρχόμενη ἑβδομάδα καί θά ἀφορᾶ ὅλους τούς ἐνδιαφερομένους. Σέ δηλώσεις του ὁ ὑπουργός ἀνέφερε ὅτι τά μέτρα κρίνονται ἀπαραίτητα γιά τήν ὁμαλή λειτουργία τῶν ὑπηρεσιῶν καί ὅτι θά ὑπάρξει συνεχής ἐνημέρωση τοῦ κοινοῦ.

ΠΡΟΣΛΗΨΗ ΙΑΤΡΩΝ ΣΤΟ Ι.Κ.Α. ΘΕΣΣΑΛΟΝΙΚΗΣ

Οἱ ἀρμόδιοι ἐξέδωσαν ἀνακοίνωση σύμφωνα μέ τήν ὁποία ἡ ρύθμιση θά ἰσχύσει ἀπό τήν ἐρχόμενη ἑβδομάδα καί θά ἀφορᾶ ὅλους τούς ἐνδιαφερομένους. Σέ δηλώσεις του ὁ ὑπουργός ἀνέφερε ὅτι τά μέτρα κρίνονται ἀπαραίτητα γιά τήν ὁμαλή λειτουργία τῶν ὑπηρεσιῶν καί ὅτι θά ὑπάρξει συνεχής ἐνημέρωση τοῦ κοινοῦ.

ΜΕΤΑΦΟΡΑ ΙΝΣΤΙΤΟΥΤΟΥ ΚΑΛΛΟΝΗΣ

Οἱ ἀρμόδιοι ἐξέδωσαν ἀνακοίνωση σύμφωνα μέ τήν ὁποία ἡ ρύθμιση θά ἰσχύσει ἀπό τήν ἐρχόμενη ἑβδομάδα καί θά ἀφορᾶ ὅλους τούς ἐνδιαφερομένους. Σέ δηλώσεις του ὁ ὑπουργός ἀνέφερε ὅτι τά μέτρα κρίνονται ἀπαραίτητα γιά τήν ὁμαλή λειτουργία τῶν ὑπηρεσιῶν καί ὅτι θά ὑπάρξει συνεχής ἐνημέρωση τοῦ κοινοῦ.

ΠΩΛΟΥΝΤΑΙ ΒΑΡΕΙΑ ΚΕΝΑ ΣΙΔΗΡΑ
Πληροφορίαι
821.621
κ. Μαυρουδής
ΖΗΤΟΥΝΤΑΙ
ΟΙΚΟΠΕΔΑ ή γωνίαι ή ἀντιπαροχή ἐλεύθερα. Πληροφορίαι: Φιλίππου 35, Θεσσαλονίκη. Τηλέφ. 231.563, 270.986 κ. Μορχονίκου.
ΒΕ ΒΕ ΖΗΤΑ
ΠΑΙΔΙΚΑ ΠΛΕΚΤΑ
ΑΝΤ/ΣΟΣ ΘΕΣ/ΝΙΚΗΣ Τ. ΚΑΡΟΛΙΔΗΣ, τηλ. 810.673
ΠΑΡΑΘΑΛΑΣΣΙΕΣ ΜΟΝΟΚΑΤΟΙΚΙΕΣ

Οἱ ἀρμόδιοι ἐξέδωσαν ἀνακοίνωση σύμφωνα μέ τήν ὁποία ἡ ρύθμιση θά ἰσχύσει ἀπό τήν ἐρχόμενη ἑβδομάδα καί θά ἀφορᾶ ὅλους τούς ἐνδιαφερομένους. Σέ δηλώσεις του ὁ ὑπουργός ἀνέφερε ὅτι τά μέτρα κρίνονται ἀπαραίτητα γιά τήν ὁμαλή λειτουργία τῶν ὑπηρεσιῶν καί ὅτι θά ὑπάρξει συνεχής ἐνημέρωση τοῦ κοινοῦ.

Ἡ σπουδάζουσα νεολαία
Ἐξετάσεις περιόδου Ἰουνίου
Στό ἰταλικό τμῆμα τοῦ ἰνστιτούτου ξένων γλωσσῶν.—Συνεδρίαση συμβουλίου ἐπιμελητῶν καί βοηθῶν.—

Οἱ ἀρμόδιοι ἐξέδωσαν ἀνακοίνωση σύμφωνα μέ τήν ὁποία ἡ ρύθμιση θά ἰσχύσει ἀπό τήν ἐρχόμενη ἑβδομάδα καί θά ἀφορᾶ ὅλους τούς ἐνδιαφερομένους. Σέ δηλώσεις του ὁ ὑπουργός ἀνέφερε ὅτι τά μέτρα κρίνονται ἀπαραίτητα γιά τήν ὁμαλή λειτουργία τῶν ὑπηρεσιῶν καί ὅτι θά ὑπάρξει συνεχής ἐνημέρωση τοῦ κοινοῦ.

Οἱ ἀρμόδιοι ἐξέδωσαν ἀνακοίνωση σύμφωνα μέ τήν ὁποία ἡ ρύθμιση θά ἰσχύσει ἀπό τήν ἐρχόμενη ἑβδομάδα καί θά ἀφορᾶ ὅλους τούς ἐνδιαφερομένους. Σέ δηλώσεις του ὁ ὑπουργός ἀνέφερε ὅτι τά μέτρα κρίνονται ἀπαραίτητα γιά τήν ὁμαλή λειτουργία τῶν ὑπηρεσιῶν καί ὅτι θά ὑπάρξει συνεχής ἐνημέρωση τοῦ κοινοῦ.

ΕΠΙΜΕΛΗΤΕΣ — ΒΟΗΘΟΙ

Οἱ ἀρμόδιοι ἐξέδωσαν ἀνακοίνωση σύμφωνα μέ τήν ὁποία ἡ ρύθμιση θά ἰσχύσει ἀπό τήν ἐρχόμενη ἑβδομάδα καί θά ἀφορᾶ ὅλους τούς ἐνδιαφερομένους. Σέ δηλώσεις του ὁ ὑπουργός ἀνέφερε ὅτι τά μέτρα κρίνονται ἀπαραίτητα γιά τήν ὁμαλή λειτουργία τῶν ὑπηρεσιῶν καί ὅτι θά ὑπάρξει συνεχής ἐνημέρωση τοῦ κοινοῦ.

Η ΚΑΔΡΟΜΗ ΤΗΣ ΝΟΜΙΚΗΣ

Οἱ ἀρμόδιοι ἐξέδωσαν ἀνακοίνωση σύμφωνα μέ τήν ὁποία ἡ ρύθμιση θά ἰσχύσει ἀπό τήν ἐρχόμενη ἑβδομάδα καί θά ἀφορᾶ ὅλους τούς ἐνδιαφερομένους. Σέ δηλώσεις του ὁ ὑπουργός ἀνέφερε ὅτι τά μέτρα κρίνονται ἀπαραίτητα γιά τήν ὁμαλή λειτουργία τῶν ὑπηρεσιῶν καί ὅτι θά ὑπάρξει συνεχής ἐνημέρωση τοῦ κοινοῦ.

ΒΙΟΜΗΧΑΝΙΚΗ ΣΧΟΛΗ

Οἱ ἀρμόδιοι ἐξέδωσαν ἀνακοίνωση σύμφωνα μέ τήν ὁποία ἡ ρύθμιση θά ἰσχύσει ἀπό τήν ἐρχόμενη ἑβδομάδα καί θά ἀφορᾶ ὅλους τούς ἐνδιαφερομένους. Σέ δηλώσεις του ὁ ὑπουργός ἀνέφερε ὅτι τά μέτρα κρίνονται ἀπαραίτητα γιά τήν ὁμαλή λειτουργία τῶν ὑπηρεσιῶν καί ὅτι θά ὑπάρξει συνεχής ἐνημέρωση τοῦ κοινοῦ.

Τοῦ νομοῦ Θεσσαλονίκης
Σέ κινητοποίηση οἱ γονεῖς ὑποψηφίων ἀνωτάτων σχολῶν
Μέ τήν κατάσταση πού ἔχει δημιουργηθεῖ μετά τούς σεισμούς τά παιδιά δέν μποροῦν νά διαβάσουν.

Οἱ ἀρμόδιοι ἐξέδωσαν ἀνακοίνωση σύμφωνα μέ τήν ὁποία ἡ ρύθμιση θά ἰσχύσει ἀπό τήν ἐρχόμενη ἑβδομάδα καί θά ἀφορᾶ ὅλους τούς ἐνδιαφερομένους. Σέ δηλώσεις του ὁ ὑπουργός ἀνέφερε ὅτι τά μέτρα κρίνονται ἀπαραίτητα γιά τήν ὁμαλή λειτουργία τῶν ὑπηρεσιῶν καί ὅτι θά ὑπάρξει συνεχής ἐνημέρωση τοῦ κοινοῦ.

Οἱ ἀρμόδιοι ἐξέδωσαν ἀνακοίνωση σύμφωνα μέ τήν ὁποία ἡ ρύθμιση θά ἰσχύσει ἀπό τήν ἐρχόμενη ἑβδομάδα καί θά ἀφορᾶ ὅλους τούς ἐνδιαφερομένους. Σέ δηλώσεις του ὁ ὑπουργός ἀνέφερε ὅτι τά μέτρα κρίνονται ἀπαραίτητα γιά τήν ὁμαλή λειτουργία τῶν ὑπηρεσιῶν καί ὅτι θά ὑπάρξει συνεχής ἐνημέρωση τοῦ κοινοῦ.

Η ΑΥΤΑΣΦΑΛΙΣΗ ΑΥΤΟΚΙΝΗΤΩΝ ΤΗΣ Δ.Ε.Η.

Οἱ ἀρμόδιοι ἐξέδωσαν ἀνακοίνωση σύμφωνα μέ τήν ὁποία ἡ ρύθμιση θά ἰσχύσει ἀπό τήν ἐρχόμενη ἑβδομάδα καί θά ἀφορᾶ ὅλους τούς ἐνδιαφερομένους. Σέ δηλώσεις του ὁ ὑπουργός ἀνέφερε ὅτι τά μέτρα κρίνονται ἀπαραίτητα γιά τήν ὁμαλή λειτουργία τῶν ὑπηρεσιῶν καί ὅτι θά ὑπάρξει συνεχής ἐνημέρωση τοῦ κοινοῦ.

Ο ΥΠΟΥΡΓΟΣ ΠΟΛΙΤΙΣΜΟΥ ΠΗΓΕ ΣΤΑ ΧΑΝΙΑ
ΥΠΑΛΛΗΛΟΣ ΤΗΣ ΠΡΟΕΔΡΙΑΣ ΕΚΑΝΕ ΤΟΝ ΕΙΣΑΓΓΕΛΕΑ ΚΑΙ ΔΙΑΤΑΞΕ ΤΗ ΣΥΛΛΗΨΗ ΔΥΟ ΠΟΛΙΤΩΝ ΣΤΗΝ ΑΘΗΝΑ

Οἱ ἀρμόδιοι ἐξέδωσαν ἀνακοίνωση σύμφωνα μέ τήν ὁποία ἡ ρύθμιση θά ἰσχύσει ἀπό τήν ἐρχόμενη ἑβδομάδα καί θά ἀφορᾶ ὅλους τούς ἐνδιαφερομένους. Σέ δηλώσεις του ὁ ὑπουργός ἀνέφερε ὅτι τά μέτρα κρίνονται ἀπαραίτητα γιά τήν ὁμαλή λειτουργία τῶν ὑπηρεσιῶν καί ὅτι θά ὑπάρξει συνεχής ἐνημέρωση τοῦ κοινοῦ.

Οἱ ἀρμόδιοι ἐξέδωσαν ἀνακοίνωση σύμφωνα μέ τήν ὁποία ἡ ρύθμιση θά ἰσχύσει ἀπό τήν ἐρχόμενη ἑβδομάδα καί θά ἀφορᾶ ὅλους τούς ἐνδιαφερομένους. Σέ δηλώσεις του ὁ ὑπουργός ἀνέφερε ὅτι τά μέτρα κρίνονται ἀπαραίτητα γιά τήν ὁμαλή λειτουργία τῶν ὑπηρεσιῶν καί ὅτι θά ὑπάρξει συνεχής ἐνημέρωση τοῦ κοινοῦ.

ΑΞΙΟΠΟΙΝΗ ΠΡΑΞΗ ΕΠΑΝΑΔΡΑΣΤΗΡΙΟΠΟΙΗΣΗΣ ΦΙΛΟΒΑΣΙΛΙΚΩΝ ΟΡΓΑΝΩΣΕΩΝ

Οἱ ἀρμόδιοι ἐξέδωσαν ἀνακοίνωση σύμφωνα μέ τήν ὁποία ἡ ρύθμιση θά ἰσχύσει ἀπό τήν ἐρχόμενη ἑβδομάδα καί θά ἀφορᾶ ὅλους τούς ἐνδιαφερομένους. Σέ δηλώσεις του ὁ ὑπουργός ἀνέφερε ὅτι τά μέτρα κρίνονται ἀπαραίτητα γιά τήν ὁμαλή λειτουργία τῶν ὑπηρεσιῶν καί ὅτι θά ὑπάρξει συνεχής ἐνημέρωση τοῦ κοινοῦ.

ΕΥΡΩΠΑΙΟΙ ΜΑΘΗΤΕΣ ΘΑ ΦΙΛΟΞΕΝΗΘΟΥΝ ΣΤΟ ΕΘΝΙΚΟ ΙΔΡΥΜΑ

Οἱ ἀρμόδιοι ἐξέδωσαν ἀνακοίνωση σύμφωνα μέ τήν ὁποία ἡ ρύθμιση θά ἰσχύσει ἀπό τήν ἐρχόμενη ἑβδομάδα καί θά ἀφορᾶ ὅλους τούς ἐνδιαφερομένους. Σέ δηλώσεις του ὁ ὑπουργός ἀνέφερε ὅτι τά μέτρα κρίνονται ἀπαραίτητα γιά τήν ὁμαλή λειτουργία τῶν ὑπηρεσιῶν καί ὅτι θά ὑπάρξει συνεχής ἐνημέρωση τοῦ κοινοῦ.

S	Η SPILLERS HELLAS
Α.Β.Ε.Ε.
ΣΧΗΜΑΤΑΡΙ — ΒΟΙΩΤΙΑΣ
Ζητεῖ
ΓΕΩΠΟΝΟ Ή ΚΤΗΝΙΑΤΡΟ
ΩΣ ΤΕΧΝΙΚΟ ΠΩΛΗΤΗ ΜΕ ΕΔΡΑΝ ΤΟ ΤΗΣ ΘΕΣ/ΝΙΚΗ

Οἱ ἀρμόδιοι ἐξέδωσαν ἀνακοίνωση σύμφωνα μέ τήν ὁποία ἡ ρύθμιση θά ἰσχύσει ἀπό τήν ἐρχόμενη ἑβδομάδα καί θά ἀφορᾶ ὅλους τούς ἐνδιαφερομένους. Σέ δηλώσεις του ὁ ὑπουργός ἀνέφερε ὅτι τά μέτρα κρίνονται ἀπαραίτητα γιά τήν ὁμαλή λειτουργία τῶν ὑπηρεσιῶν καί ὅτι θά ὑπάρξει συνεχής ἐνημέρωση τοῦ κοινοῦ.

Γνωστοποιοῦμε στήν ἀξιότιμη πελατεία μας ὅτι ἀπό 31 Ἰουλίου μέχρι 15 Αὐγούστου ΚΑΝΟΥΜΕ ΔΙΑΚΟΠΕΣ καί τά Γραφεῖα μας καί τά Συνεργεῖα μας θά παραμείνουν κλειστά.
Μήπως πρέπει νά προετοιμάσουμε ἀπό τώρα κάτι πού θά χρειαστῆτε τότε;
ΑΝΤΙΠΡΟΣΩΠΕΙΑ ΑΥΤΟΚΙΝΗΤΩΝ
⚡	ΣΙΝΗΣ Α.Ε.	ΓΡΑΜΜΟΥ-ΒΙΤΣΙ 18
